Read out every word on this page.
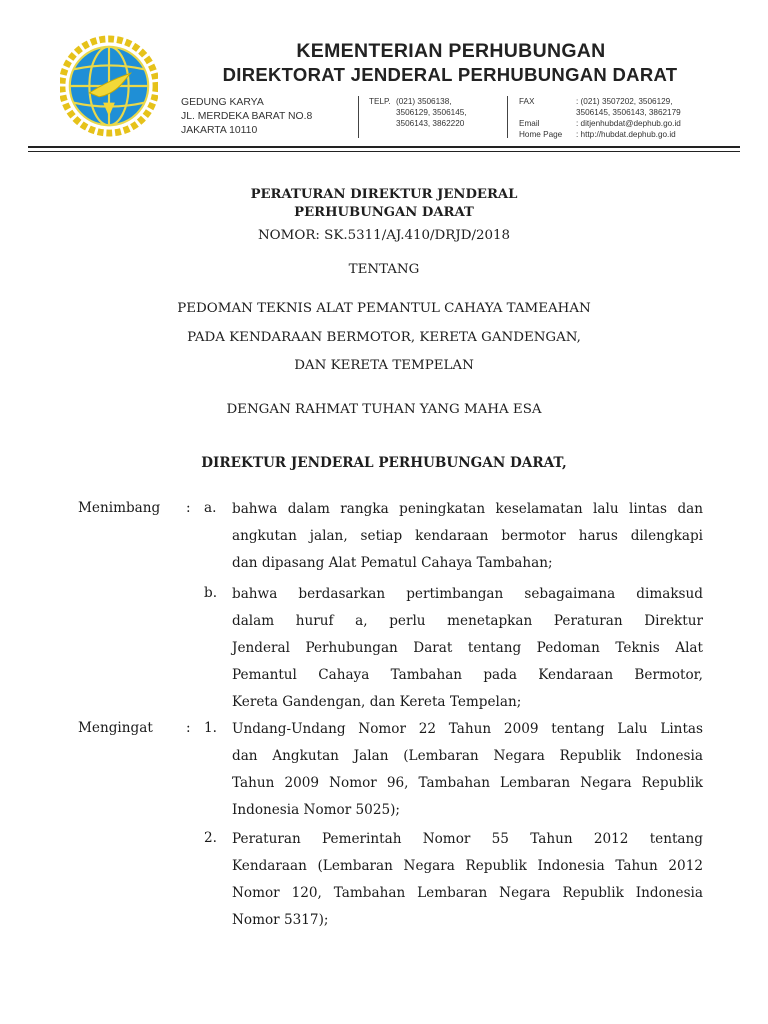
KEMENTERIAN PERHUBUNGAN
DIREKTORAT JENDERAL PERHUBUNGAN DARAT
GEDUNG KARYA
JL. MERDEKA BARAT NO.8
JAKARTA 10110
TELP. (021) 3506138,
3506129, 3506145,
3506143, 3862220
FAX

Email
Home Page
: (021) 3507202, 3506129,
3506145, 3506143, 3862179
: ditjenhubdat@dephub.go.id
: http://hubdat.dephub.go.id
PERATURAN DIREKTUR JENDERAL
PERHUBUNGAN DARAT
NOMOR: SK.5311/AJ.410/DRJD/2018
TENTANG
PEDOMAN TEKNIS ALAT PEMANTUL CAHAYA TAMEAHAN
PADA KENDARAAN BERMOTOR, KERETA GANDENGAN,
DAN KERETA TEMPELAN
DENGAN RAHMAT TUHAN YANG MAHA ESA
DIREKTUR JENDERAL PERHUBUNGAN DARAT,
Menimbang : a. bahwa dalam rangka peningkatan keselamatan lalu lintas dan
angkutan jalan, setiap kendaraan bermotor harus dilengkapi
dan dipasang Alat Pematul Cahaya Tambahan;
b. bahwa berdasarkan pertimbangan sebagaimana dimaksud
dalam huruf a, perlu menetapkan Peraturan Direktur
Jenderal Perhubungan Darat tentang Pedoman Teknis Alat
Pemantul Cahaya Tambahan pada Kendaraan Bermotor,
Kereta Gandengan, dan Kereta Tempelan;
Mengingat : 1. Undang-Undang Nomor 22 Tahun 2009 tentang Lalu Lintas
dan Angkutan Jalan (Lembaran Negara Republik Indonesia
Tahun 2009 Nomor 96, Tambahan Lembaran Negara Republik
Indonesia Nomor 5025);
2. Peraturan Pemerintah Nomor 55 Tahun 2012 tentang
Kendaraan (Lembaran Negara Republik Indonesia Tahun 2012
Nomor 120, Tambahan Lembaran Negara Republik Indonesia
Nomor 5317);
